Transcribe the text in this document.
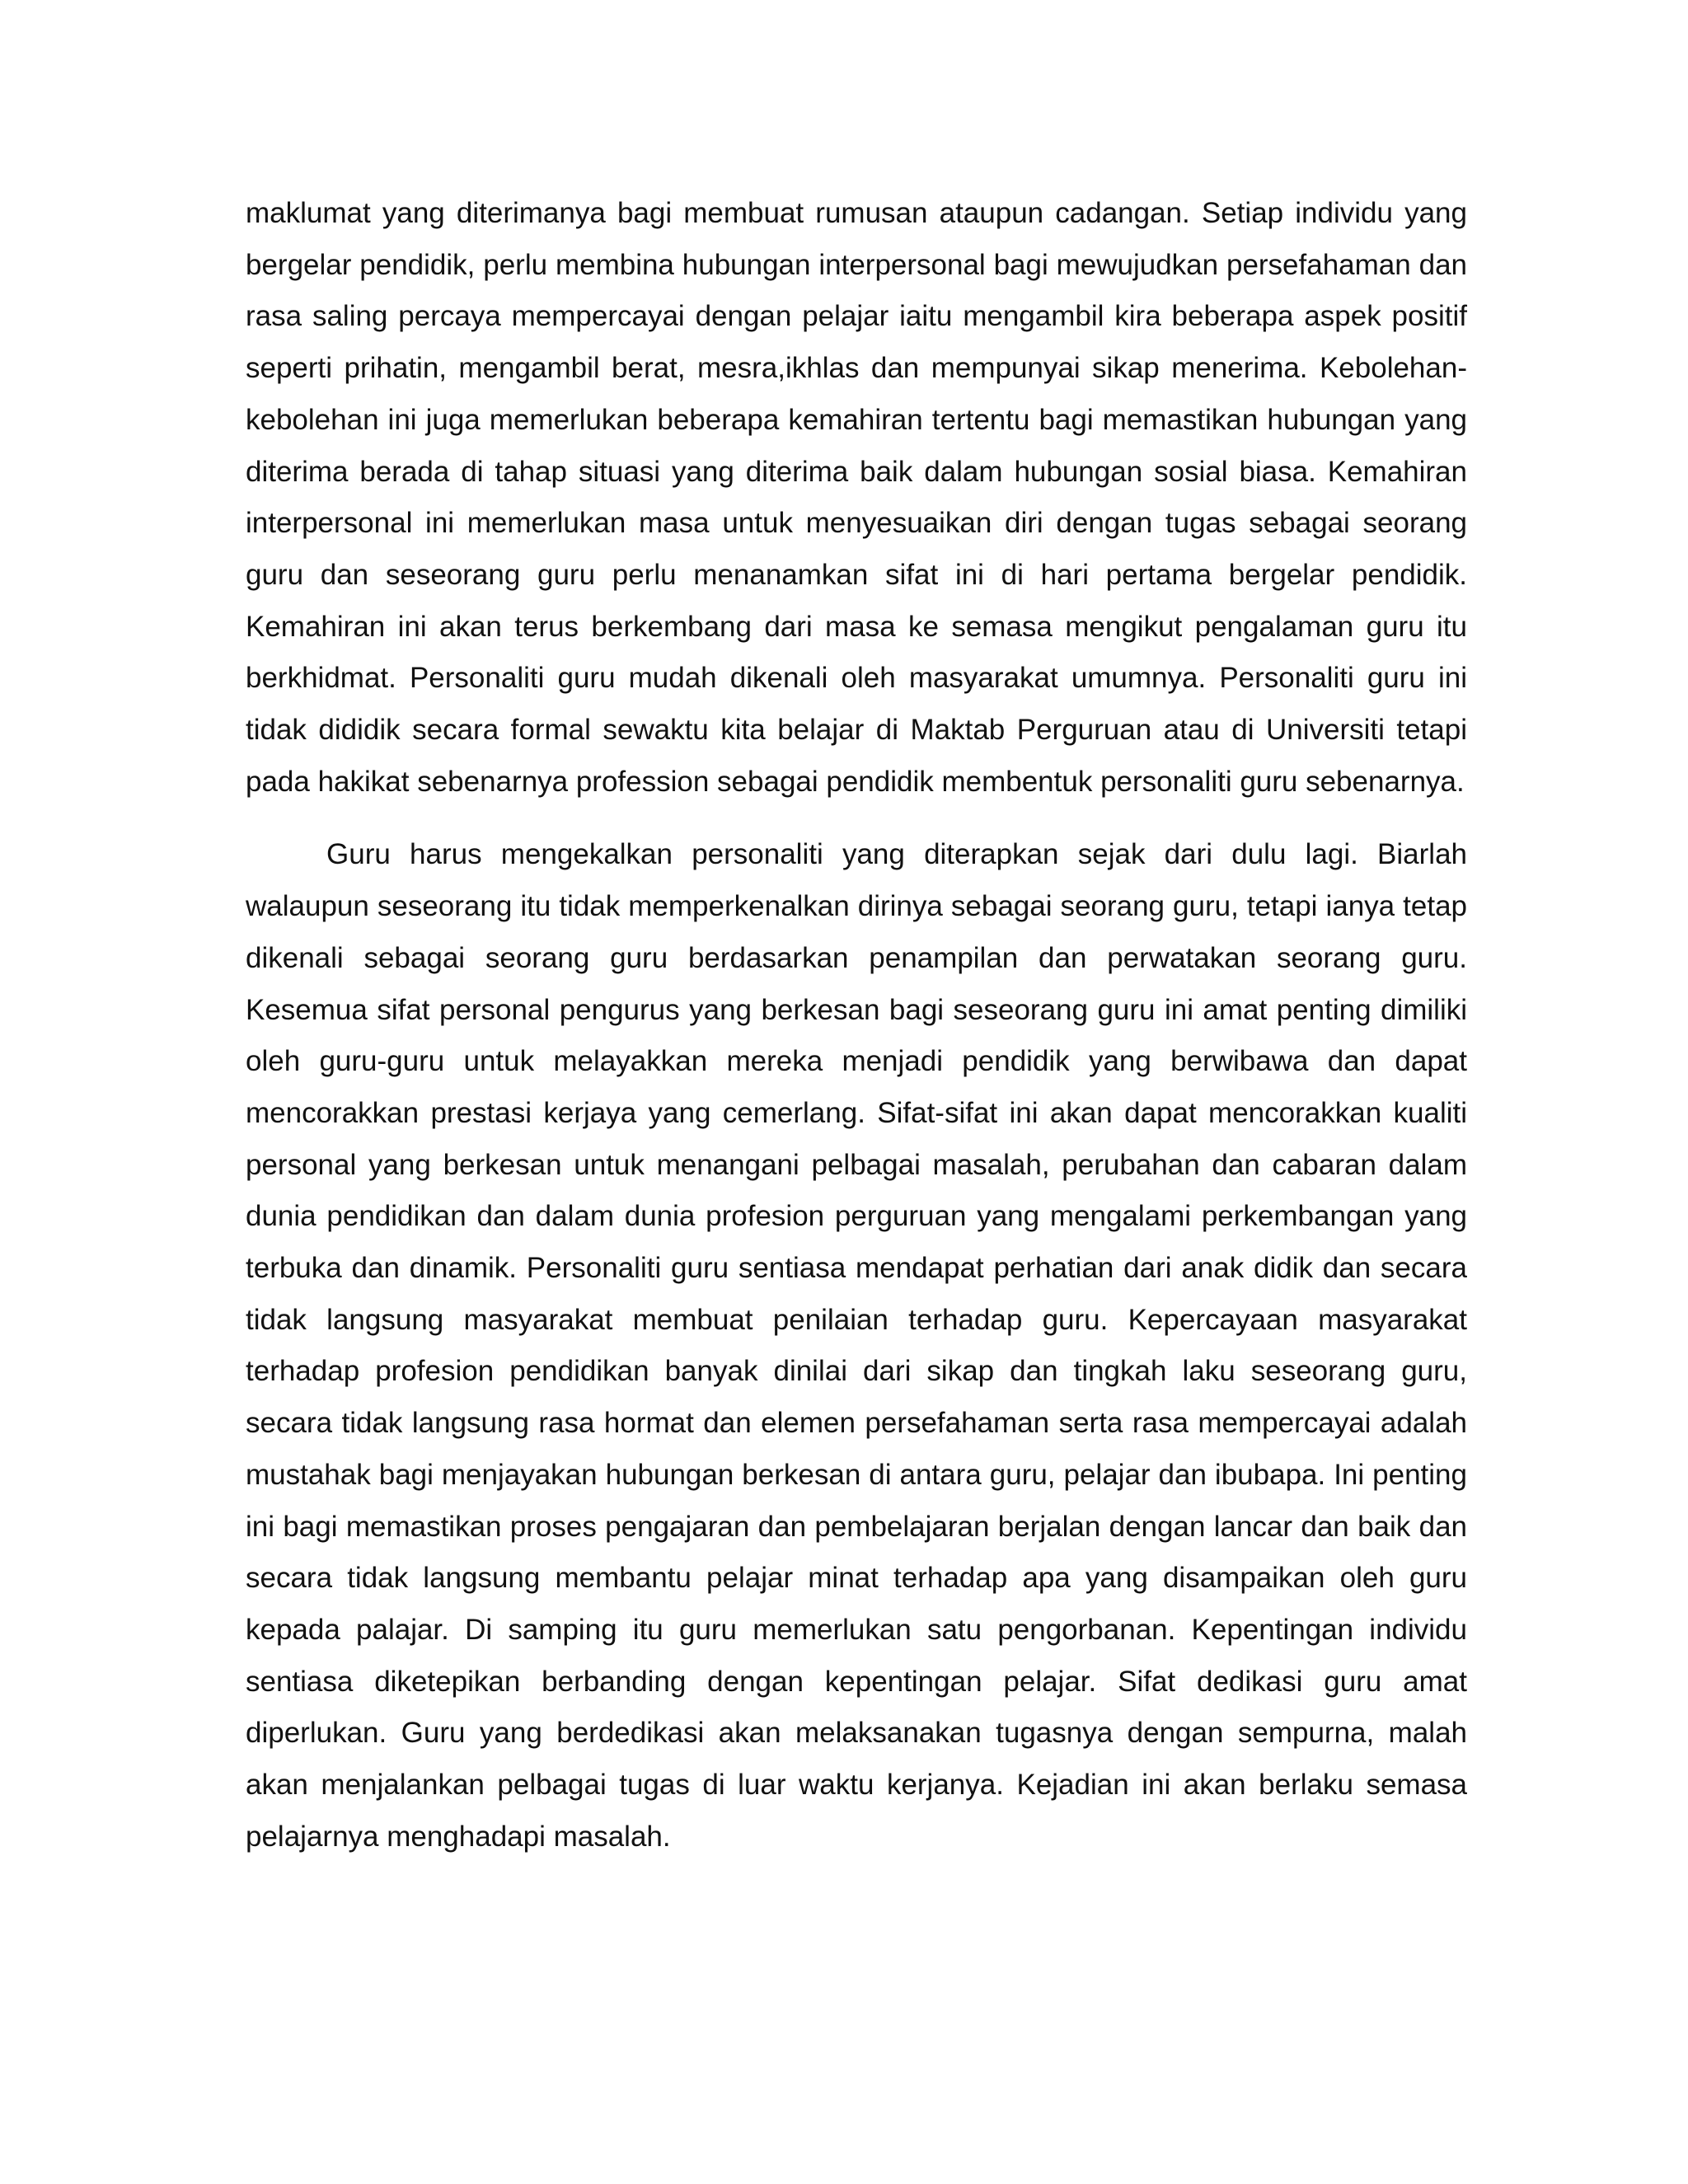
maklumat yang diterimanya bagi membuat rumusan ataupun cadangan. Setiap individu yang bergelar pendidik, perlu membina hubungan interpersonal bagi mewujudkan persefahaman dan rasa saling percaya mempercayai dengan pelajar iaitu mengambil kira beberapa aspek positif seperti prihatin, mengambil berat, mesra,ikhlas dan mempunyai sikap menerima. Kebolehan-kebolehan ini juga memerlukan beberapa kemahiran tertentu bagi memastikan hubungan yang diterima berada di tahap situasi yang diterima baik dalam hubungan sosial biasa. Kemahiran interpersonal ini memerlukan masa untuk menyesuaikan diri dengan tugas sebagai seorang guru dan seseorang guru perlu menanamkan sifat ini di hari pertama bergelar pendidik. Kemahiran ini akan terus berkembang dari masa ke semasa mengikut pengalaman guru itu berkhidmat. Personaliti guru mudah dikenali oleh masyarakat umumnya. Personaliti guru ini tidak dididik secara formal sewaktu kita belajar di Maktab Perguruan atau di Universiti tetapi pada hakikat sebenarnya profession sebagai pendidik membentuk personaliti guru sebenarnya.

Guru harus mengekalkan personaliti yang diterapkan sejak dari dulu lagi. Biarlah walaupun seseorang itu tidak memperkenalkan dirinya sebagai seorang guru, tetapi ianya tetap dikenali sebagai seorang guru berdasarkan penampilan dan perwatakan seorang guru. Kesemua sifat personal pengurus yang berkesan bagi seseorang guru ini amat penting dimiliki oleh guru-guru untuk melayakkan mereka menjadi pendidik yang berwibawa dan dapat mencorakkan prestasi kerjaya yang cemerlang. Sifat-sifat ini akan dapat mencorakkan kualiti personal yang berkesan untuk menangani pelbagai masalah, perubahan dan cabaran dalam dunia pendidikan dan dalam dunia profesion perguruan yang mengalami perkembangan yang terbuka dan dinamik. Personaliti guru sentiasa mendapat perhatian dari anak didik dan secara tidak langsung masyarakat membuat penilaian terhadap guru. Kepercayaan masyarakat terhadap profesion pendidikan banyak dinilai dari sikap dan tingkah laku seseorang guru, secara tidak langsung rasa hormat dan elemen persefahaman serta rasa mempercayai adalah mustahak bagi menjayakan hubungan berkesan di antara guru, pelajar dan ibubapa. Ini penting ini bagi memastikan proses pengajaran dan pembelajaran berjalan dengan lancar dan baik dan secara tidak langsung membantu pelajar minat terhadap apa yang disampaikan oleh guru kepada palajar. Di samping itu guru memerlukan satu pengorbanan. Kepentingan individu sentiasa diketepikan berbanding dengan kepentingan pelajar. Sifat dedikasi guru amat diperlukan. Guru yang berdedikasi akan melaksanakan tugasnya dengan sempurna, malah akan menjalankan pelbagai tugas di luar waktu kerjanya. Kejadian ini akan berlaku semasa pelajarnya menghadapi masalah.
